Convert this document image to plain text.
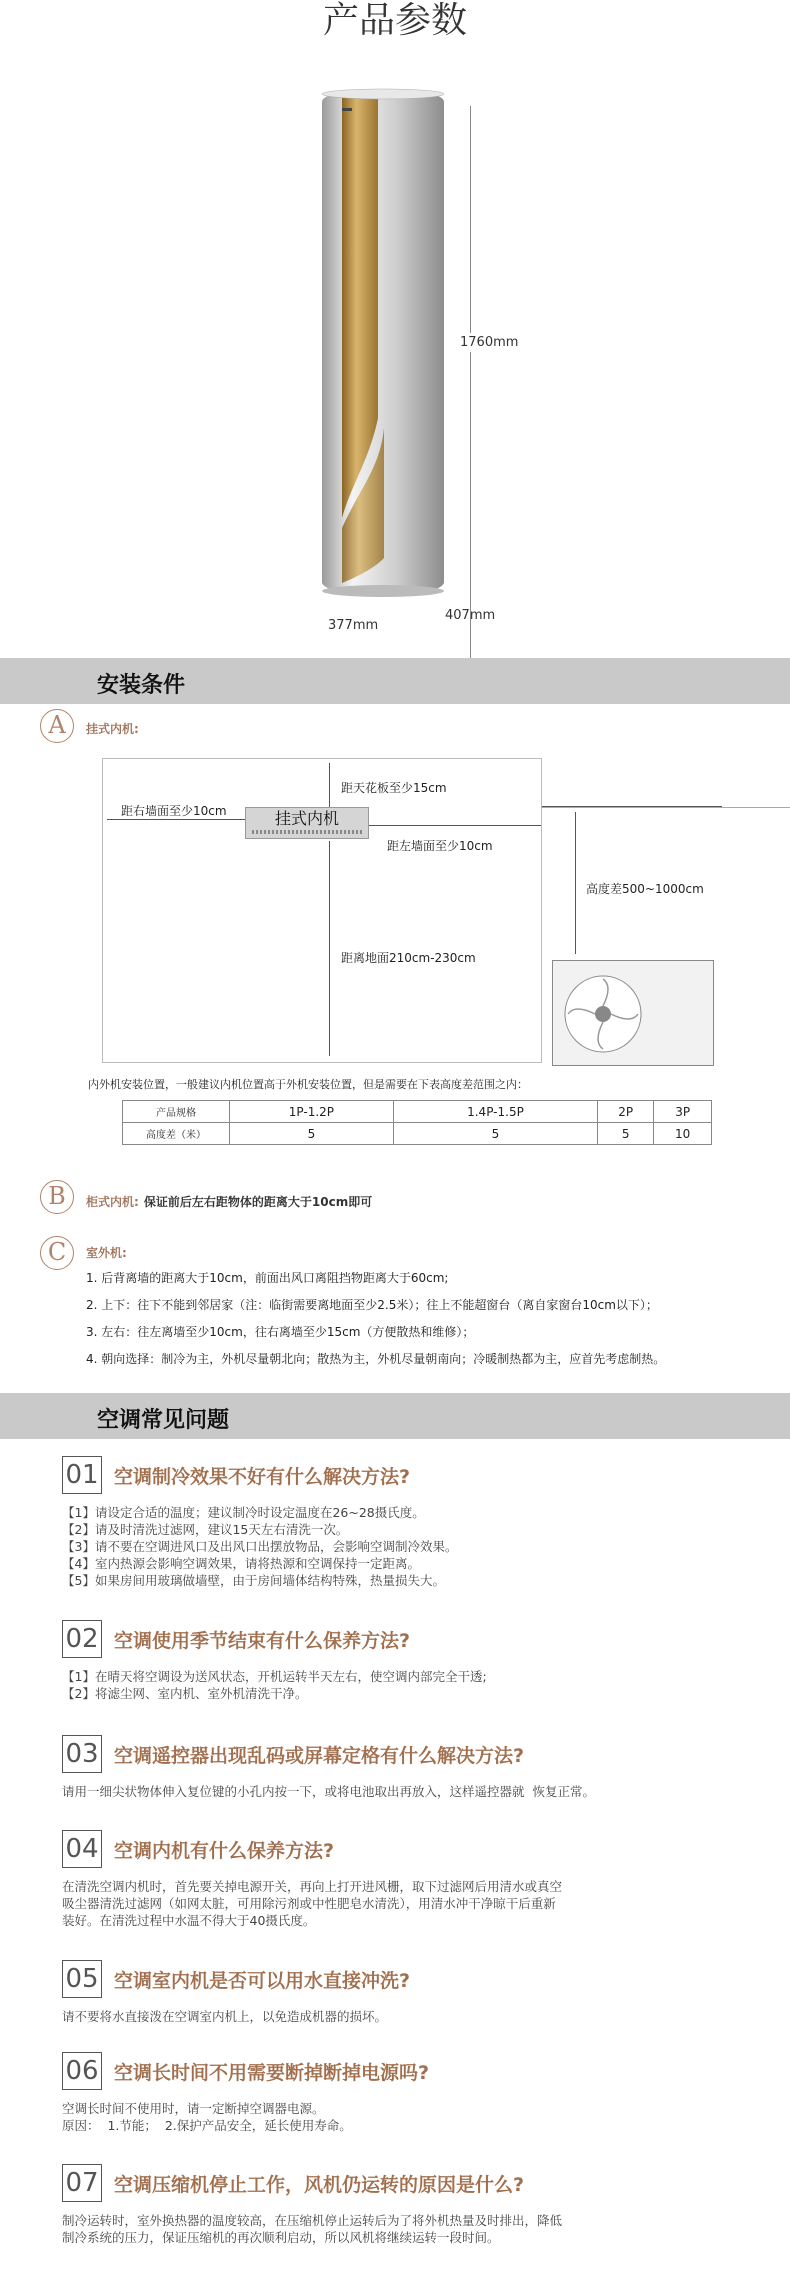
产品参数
1760mm
377mm
407mm
安装条件
A	挂式内机:
挂式内机
距天花板至少15cm
距右墙面至少10cm
距左墙面至少10cm
距离地面210cm-230cm
高度差500~1000cm
内外机安装位置，一般建议内机位置高于外机安装位置，但是需要在下表高度差范围之内：
产品规格	1P-1.2P	1.4P-1.5P	2P	3P
高度差（米）	5	5	5	10
B	柜式内机: 保证前后左右距物体的距离大于10cm即可
C	室外机:
1. 后背离墙的距离大于10cm，前面出风口离阻挡物距离大于60cm;
2. 上下：往下不能到邻居家（注：临街需要离地面至少2.5米）；往上不能超窗台（离自家窗台10cm以下）；
3. 左右：往左离墙至少10cm，往右离墙至少15cm（方便散热和维修）；
4. 朝向选择：制冷为主，外机尽量朝北向；散热为主，外机尽量朝南向；冷暖制热都为主，应首先考虑制热。
空调常见问题
01 空调制冷效果不好有什么解决方法?
【1】请设定合适的温度；建议制冷时设定温度在26~28摄氏度。
【2】请及时清洗过滤网，建议15天左右清洗一次。
【3】请不要在空调进风口及出风口出摆放物品，会影响空调制冷效果。
【4】室内热源会影响空调效果，请将热源和空调保持一定距离。
【5】如果房间用玻璃做墙壁，由于房间墙体结构特殊，热量损失大。
02 空调使用季节结束有什么保养方法?
【1】在晴天将空调设为送风状态，开机运转半天左右，使空调内部完全干透;
【2】将滤尘网、室内机、室外机清洗干净。
03 空调遥控器出现乱码或屏幕定格有什么解决方法?
请用一细尖状物体伸入复位键的小孔内按一下，或将电池取出再放入，这样遥控器就  恢复正常。
04 空调内机有什么保养方法?
在清洗空调内机时，首先要关掉电源开关，再向上打开进风栅，取下过滤网后用清水或真空
吸尘器清洗过滤网（如网太脏，可用除污剂或中性肥皂水清洗），用清水冲干净晾干后重新
装好。在清洗过程中水温不得大于40摄氏度。
05 空调室内机是否可以用水直接冲洗?
请不要将水直接泼在空调室内机上，以免造成机器的损坏。
06 空调长时间不用需要断掉断掉电源吗?
空调长时间不使用时，请一定断掉空调器电源。
原因：  1.节能；  2.保护产品安全，延长使用寿命。
07 空调压缩机停止工作，风机仍运转的原因是什么?
制冷运转时，室外换热器的温度较高，在压缩机停止运转后为了将外机热量及时排出，降低
制冷系统的压力，保证压缩机的再次顺利启动，所以风机将继续运转一段时间。
